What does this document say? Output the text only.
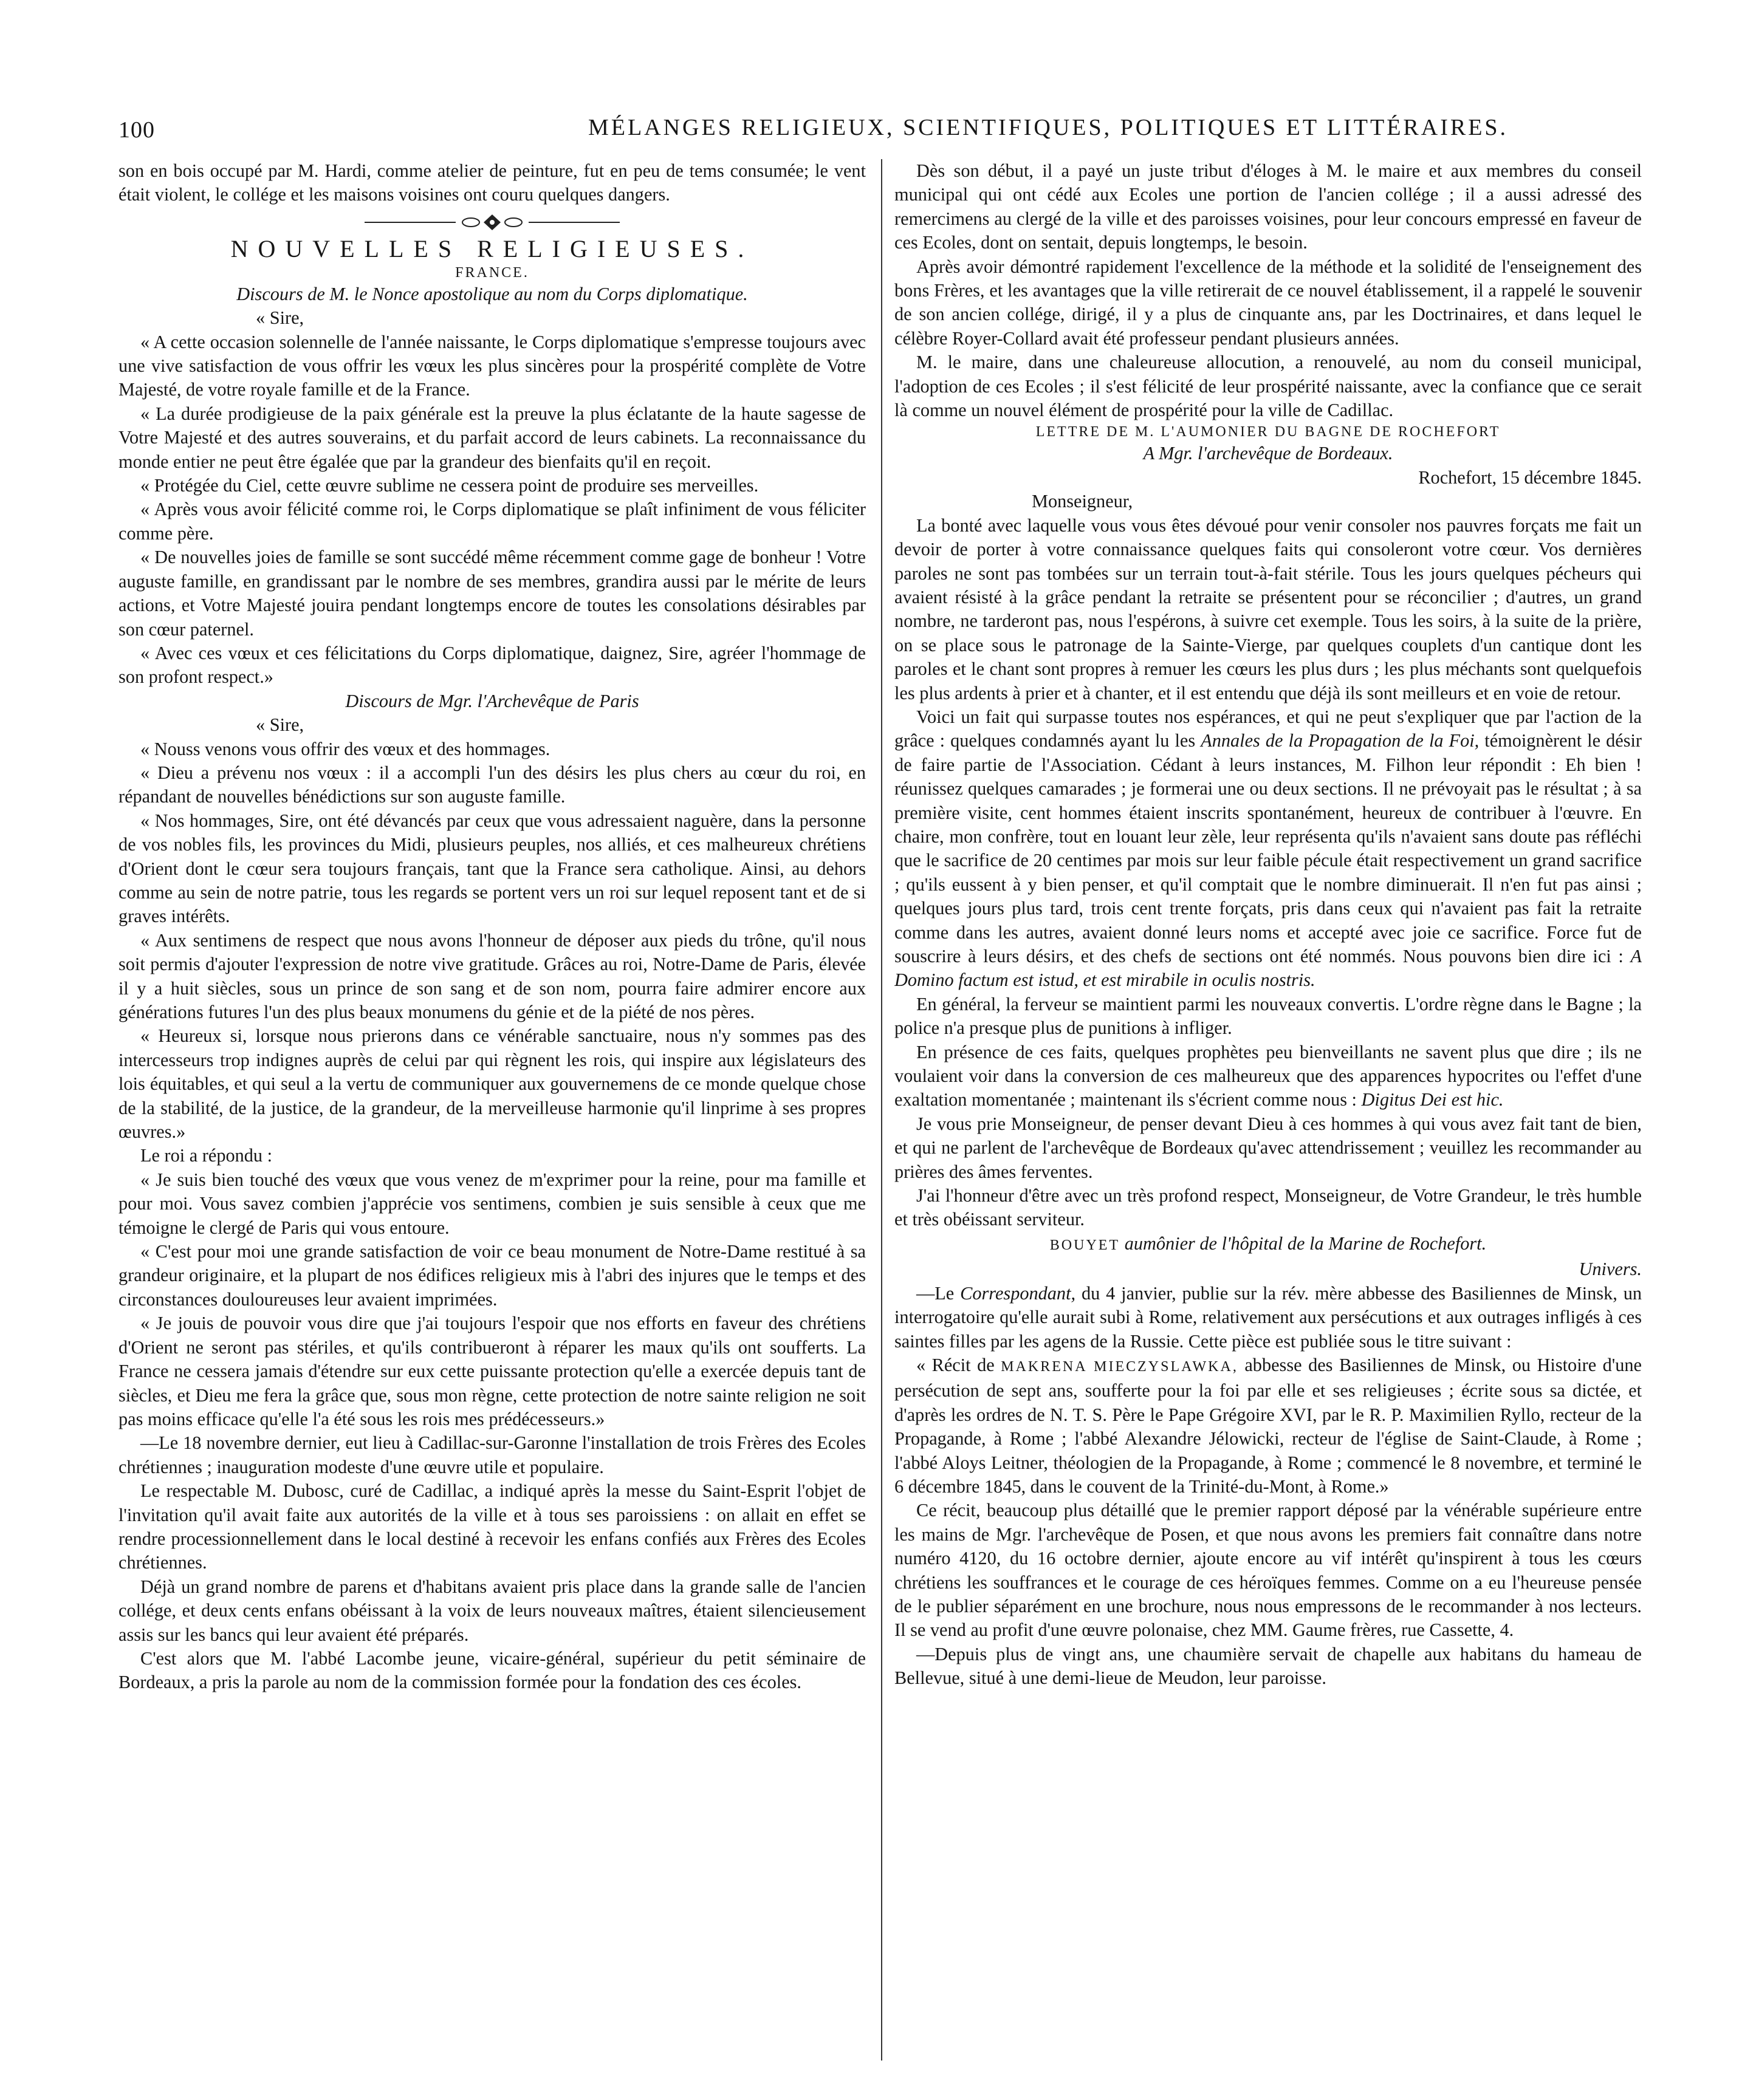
100	MÉLANGES RELIGIEUX, SCIENTIFIQUES, POLITIQUES ET LITTÉRAIRES.

son en bois occupé par M. Hardi, comme atelier de peinture, fut en peu de tems consumée; le vent était violent, le collége et les maisons voisines ont couru quelques dangers.

NOUVELLES RELIGIEUSES.
FRANCE.
Discours de M. le Nonce apostolique au nom du Corps diplomatique.

« Sire,

« A cette occasion solennelle de l'année naissante, le Corps diplomatique s'empresse toujours avec une vive satisfaction de vous offrir les vœux les plus sincères pour la prospérité complète de Votre Majesté, de votre royale famille et de la France.

« La durée prodigieuse de la paix générale est la preuve la plus éclatante de la haute sagesse de Votre Majesté et des autres souverains, et du parfait accord de leurs cabinets. La reconnaissance du monde entier ne peut être égalée que par la grandeur des bienfaits qu'il en reçoit.

« Protégée du Ciel, cette œuvre sublime ne cessera point de produire ses merveilles.

« Après vous avoir félicité comme roi, le Corps diplomatique se plaît infiniment de vous féliciter comme père.

« De nouvelles joies de famille se sont succédé même récemment comme gage de bonheur ! Votre auguste famille, en grandissant par le nombre de ses membres, grandira aussi par le mérite de leurs actions, et Votre Majesté jouira pendant longtemps encore de toutes les consolations désirables par son cœur paternel.

« Avec ces vœux et ces félicitations du Corps diplomatique, daignez, Sire, agréer l'hommage de son profont respect.»

Discours de Mgr. l'Archevêque de Paris

« Sire,

« Nouss venons vous offrir des vœux et des hommages.

« Dieu a prévenu nos vœux : il a accompli l'un des désirs les plus chers au cœur du roi, en répandant de nouvelles bénédictions sur son auguste famille.

« Nos hommages, Sire, ont été dévancés par ceux que vous adressaient naguère, dans la personne de vos nobles fils, les provinces du Midi, plusieurs peuples, nos alliés, et ces malheureux chrétiens d'Orient dont le cœur sera toujours français, tant que la France sera catholique. Ainsi, au dehors comme au sein de notre patrie, tous les regards se portent vers un roi sur lequel reposent tant et de si graves intérêts.

« Aux sentimens de respect que nous avons l'honneur de déposer aux pieds du trône, qu'il nous soit permis d'ajouter l'expression de notre vive gratitude. Grâces au roi, Notre-Dame de Paris, élevée il y a huit siècles, sous un prince de son sang et de son nom, pourra faire admirer encore aux générations futures l'un des plus beaux monumens du génie et de la piété de nos pères.

« Heureux si, lorsque nous prierons dans ce vénérable sanctuaire, nous n'y sommes pas des intercesseurs trop indignes auprès de celui par qui règnent les rois, qui inspire aux législateurs des lois équitables, et qui seul a la vertu de communiquer aux gouvernemens de ce monde quelque chose de la stabilité, de la justice, de la grandeur, de la merveilleuse harmonie qu'il linprime à ses propres œuvres.»

Le roi a répondu :

« Je suis bien touché des vœux que vous venez de m'exprimer pour la reine, pour ma famille et pour moi. Vous savez combien j'apprécie vos sentimens, combien je suis sensible à ceux que me témoigne le clergé de Paris qui vous entoure.

« C'est pour moi une grande satisfaction de voir ce beau monument de Notre-Dame restitué à sa grandeur originaire, et la plupart de nos édifices religieux mis à l'abri des injures que le temps et des circonstances douloureuses leur avaient imprimées.

« Je jouis de pouvoir vous dire que j'ai toujours l'espoir que nos efforts en faveur des chrétiens d'Orient ne seront pas stériles, et qu'ils contribueront à réparer les maux qu'ils ont soufferts. La France ne cessera jamais d'étendre sur eux cette puissante protection qu'elle a exercée depuis tant de siècles, et Dieu me fera la grâce que, sous mon règne, cette protection de notre sainte religion ne soit pas moins efficace qu'elle l'a été sous les rois mes prédécesseurs.»

—Le 18 novembre dernier, eut lieu à Cadillac-sur-Garonne l'installation de trois Frères des Ecoles chrétiennes ; inauguration modeste d'une œuvre utile et populaire.

Le respectable M. Dubosc, curé de Cadillac, a indiqué après la messe du Saint-Esprit l'objet de l'invitation qu'il avait faite aux autorités de la ville et à tous ses paroissiens : on allait en effet se rendre processionnellement dans le local destiné à recevoir les enfans confiés aux Frères des Ecoles chrétiennes.

Déjà un grand nombre de parens et d'habitans avaient pris place dans la grande salle de l'ancien collége, et deux cents enfans obéissant à la voix de leurs nouveaux maîtres, étaient silencieusement assis sur les bancs qui leur avaient été préparés.

C'est alors que M. l'abbé Lacombe jeune, vicaire-général, supérieur du petit séminaire de Bordeaux, a pris la parole au nom de la commission formée pour la fondation des ces écoles.

Dès son début, il a payé un juste tribut d'éloges à M. le maire et aux membres du conseil municipal qui ont cédé aux Ecoles une portion de l'ancien collége ; il a aussi adressé des remercimens au clergé de la ville et des paroisses voisines, pour leur concours empressé en faveur de ces Ecoles, dont on sentait, depuis longtemps, le besoin.

Après avoir démontré rapidement l'excellence de la méthode et la solidité de l'enseignement des bons Frères, et les avantages que la ville retirerait de ce nouvel établissement, il a rappelé le souvenir de son ancien collége, dirigé, il y a plus de cinquante ans, par les Doctrinaires, et dans lequel le célèbre Royer-Collard avait été professeur pendant plusieurs années.

M. le maire, dans une chaleureuse allocution, a renouvelé, au nom du conseil municipal, l'adoption de ces Ecoles ; il s'est félicité de leur prospérité naissante, avec la confiance que ce serait là comme un nouvel élément de prospérité pour la ville de Cadillac.

LETTRE DE M. L'AUMONIER DU BAGNE DE ROCHEFORT
A Mgr. l'archevêque de Bordeaux.
Rochefort, 15 décembre 1845.

Monseigneur,

La bonté avec laquelle vous vous êtes dévoué pour venir consoler nos pauvres forçats me fait un devoir de porter à votre connaissance quelques faits qui consoleront votre cœur. Vos dernières paroles ne sont pas tombées sur un terrain tout-à-fait stérile. Tous les jours quelques pécheurs qui avaient résisté à la grâce pendant la retraite se présentent pour se réconcilier ; d'autres, un grand nombre, ne tarderont pas, nous l'espérons, à suivre cet exemple. Tous les soirs, à la suite de la prière, on se place sous le patronage de la Sainte-Vierge, par quelques couplets d'un cantique dont les paroles et le chant sont propres à remuer les cœurs les plus durs ; les plus méchants sont quelquefois les plus ardents à prier et à chanter, et il est entendu que déjà ils sont meilleurs et en voie de retour.

Voici un fait qui surpasse toutes nos espérances, et qui ne peut s'expliquer que par l'action de la grâce : quelques condamnés ayant lu les Annales de la Propagation de la Foi, témoignèrent le désir de faire partie de l'Association. Cédant à leurs instances, M. Filhon leur répondit : Eh bien ! réunissez quelques camarades ; je formerai une ou deux sections. Il ne prévoyait pas le résultat ; à sa première visite, cent hommes étaient inscrits spontanément, heureux de contribuer à l'œuvre. En chaire, mon confrère, tout en louant leur zèle, leur représenta qu'ils n'avaient sans doute pas réfléchi que le sacrifice de 20 centimes par mois sur leur faible pécule était respectivement un grand sacrifice ; qu'ils eussent à y bien penser, et qu'il comptait que le nombre diminuerait. Il n'en fut pas ainsi ; quelques jours plus tard, trois cent trente forçats, pris dans ceux qui n'avaient pas fait la retraite comme dans les autres, avaient donné leurs noms et accepté avec joie ce sacrifice. Force fut de souscrire à leurs désirs, et des chefs de sections ont été nommés. Nous pouvons bien dire ici : A Domino factum est istud, et est mirabile in oculis nostris.

En général, la ferveur se maintient parmi les nouveaux convertis. L'ordre règne dans le Bagne ; la police n'a presque plus de punitions à infliger.

En présence de ces faits, quelques prophètes peu bienveillants ne savent plus que dire ; ils ne voulaient voir dans la conversion de ces malheureux que des apparences hypocrites ou l'effet d'une exaltation momentanée ; maintenant ils s'écrient comme nous : Digitus Dei est hic.

Je vous prie Monseigneur, de penser devant Dieu à ces hommes à qui vous avez fait tant de bien, et qui ne parlent de l'archevêque de Bordeaux qu'avec attendrissement ; veuillez les recommander au prières des âmes ferventes.

J'ai l'honneur d'être avec un très profond respect, Monseigneur, de Votre Grandeur, le très humble et très obéissant serviteur.

BOUYET aumônier de l'hôpital de la Marine de Rochefort.
Univers.

—Le Correspondant, du 4 janvier, publie sur la rév. mère abbesse des Basiliennes de Minsk, un interrogatoire qu'elle aurait subi à Rome, relativement aux persécutions et aux outrages infligés à ces saintes filles par les agens de la Russie. Cette pièce est publiée sous le titre suivant :

« Récit de MAKRENA MIECZYSLAWKA, abbesse des Basiliennes de Minsk, ou Histoire d'une persécution de sept ans, soufferte pour la foi par elle et ses religieuses ; écrite sous sa dictée, et d'après les ordres de N. T. S. Père le Pape Grégoire XVI, par le R. P. Maximilien Ryllo, recteur de la Propagande, à Rome ; l'abbé Alexandre Jélowicki, recteur de l'église de Saint-Claude, à Rome ; l'abbé Aloys Leitner, théologien de la Propagande, à Rome ; commencé le 8 novembre, et terminé le 6 décembre 1845, dans le couvent de la Trinité-du-Mont, à Rome.»

Ce récit, beaucoup plus détaillé que le premier rapport déposé par la vénérable supérieure entre les mains de Mgr. l'archevêque de Posen, et que nous avons les premiers fait connaître dans notre numéro 4120, du 16 octobre dernier, ajoute encore au vif intérêt qu'inspirent à tous les cœurs chrétiens les souffrances et le courage de ces héroïques femmes. Comme on a eu l'heureuse pensée de le publier séparément en une brochure, nous nous empressons de le recommander à nos lecteurs. Il se vend au profit d'une œuvre polonaise, chez MM. Gaume frères, rue Cassette, 4.

—Depuis plus de vingt ans, une chaumière servait de chapelle aux habitans du hameau de Bellevue, situé à une demi-lieue de Meudon, leur paroisse.
